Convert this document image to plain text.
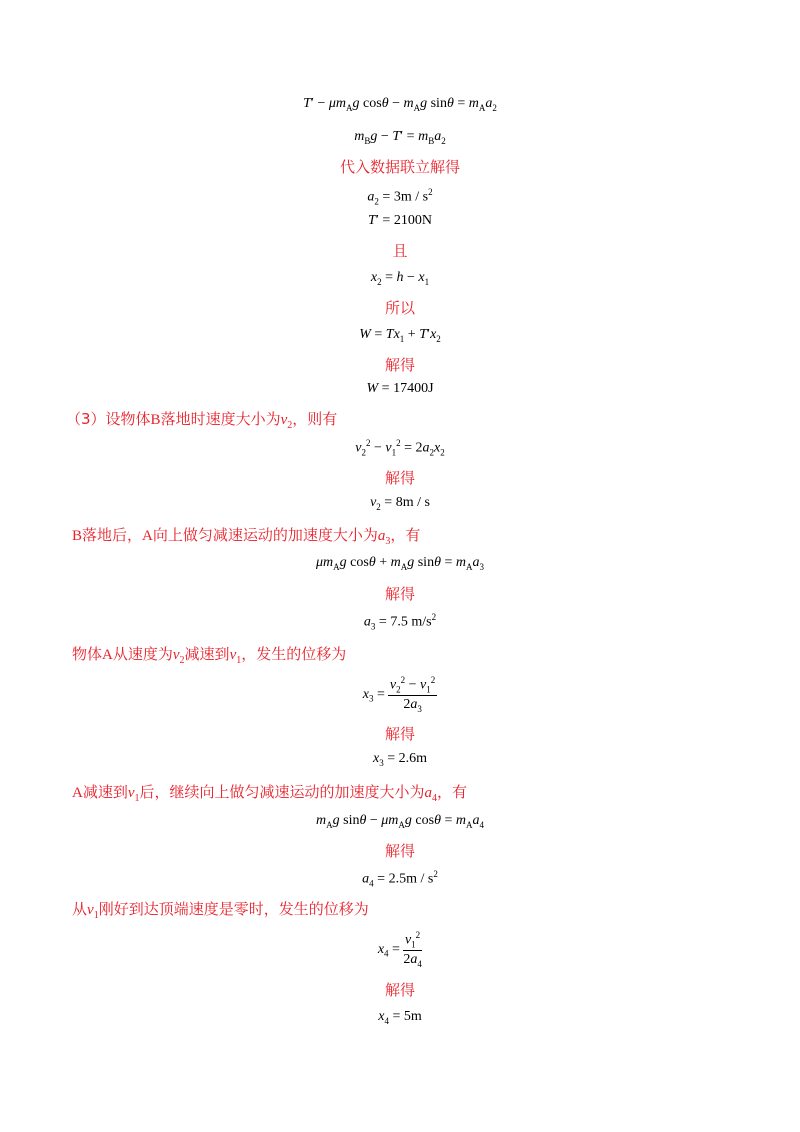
$T' - \mu m_Ag$ $\cos\theta - m_Ag$ $\sin\theta = m_Aa_2$
$m_Bg - T' = m_Ba_2$
代入数据联立解得
$a_2 = 3m / s^2$
T′ = 2100N
且
$x_2 = h - x_1$
所以
$W = Tx_1 + T'x_2$
解得
W = 17400J
（3）设物体B落地时速度大小为$v_2$，则有
$v_2^2 - v_1^2 = 2a_2x_2$
解得
$v_2 = 8m / s$
B落地后，A向上做匀减速运动的加速度大小为$a_3$，有
$\mu m_Ag$ $\cos\theta + m_Ag$ $\sin\theta = m_Aa_3$
解得
$a_3 = 7.5$ $m/s^2$
物体A从速度为$v_2$减速到$v_1$，发生的位移为
$x_3 = \frac{v_2^2 - v_1^2}{2a_3}$
解得
$x_3 = 2.6m$
A减速到$v_1$后，继续向上做匀减速运动的加速度大小为$a_4$，有
$m_Ag$ $\sin\theta - \mu m_Ag$ $\cos\theta = m_Aa_4$
解得
$a_4 = 2.5m / s^2$
从$v_1$刚好到达顶端速度是零时，发生的位移为
$x_4 = \frac{v_1^2}{2a_4}$
解得
$x_4 = 5m$
